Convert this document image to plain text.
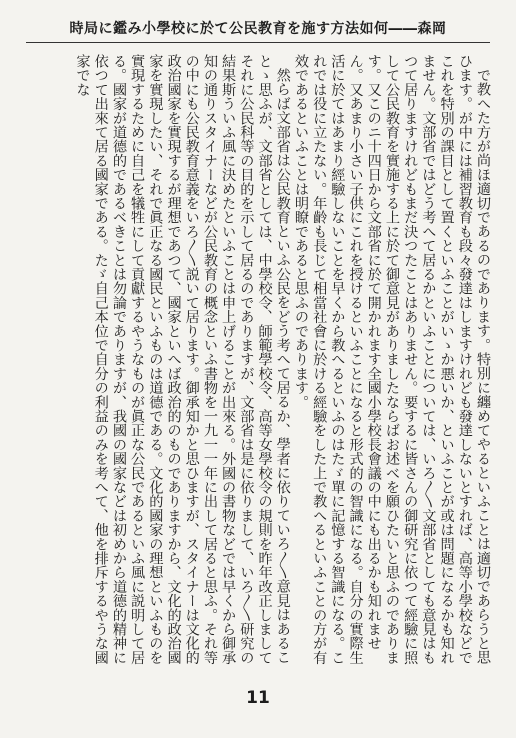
時局に鑑み小學校に於て公民教育を施す方法如何――森岡

で教へた方が尚ほ適切であるのであります。特別に纏めてやるといふことは適切であらうと思ひます。が中には補習教育も段々發達はしますけれども發達しないとすれば、高等小學校などでこれを特別の課目として置くといふことがいゝか悪いか、といふことが或は問題になるかも知れません。文部省ではどう考へて居るかといふことについては、いろ〳〵文部省としても意見はもつて居りますけれどもまだ決つたことはありません。要するに皆さんの御研究に依つて經驗に照して公民教育を實施する上に於て御意見がありましたならばお述べを願ひたいと思ふのであります。又このニ十四日から文部省に於て開かれます全國小學校長會議の中にも出るかも知れません。又あまり小さい子供にこれを授けるといふことになると形式的の智識になる。自分の實際生活に於てはあまり經驗しないことを早くから教へるといふのはたゞ單に記憶する智識になる。これでは役に立たない。年齡も長じて相當社會に於ける經驗をした上で教へるといふことの方が有效であるといふことは明瞭であると思ふのであります。

然らば文部省は公民教育といふ公民をどう考へて居るか、學者に依りていろ〳〵意見はあることゝ思ふが、文部省としては、中學校令、師範學校令、高等女學校令の規則を昨年改正しましてそれに公民科等の目的を示して居るのでありますが、文部省は是に依りまして、いろ〳〵研究の結果斯ういふ風に決めたといふことは申上げることが出來る。外國の書物などでは早くから御承知の通りスタイナーなどが公民教育の概念といふ書物を一九一一年に出して居ると思ふ。それ等の中にも公民教育意義をいろ〳〵説いて居ります。御承知かと思ひますが、スタイナーは文化的政治國家を實現するが理想であつて、國家といへば政治的のものでありますから、文化的政治國家を實現したい、それで眞正なる國民といふものは道德である。文化的國家の理想といふものを實現するために自己を犠牲にして貢獻するやうなものが眞正な公民であるといふ風に説明して居る。國家が道德的であるべきことは勿論でありますが、我國の國家などは初めから道德的精神に依つて出來て居る國家である。たゞ自己本位で自分の利益のみを考へて、他を排斥するやうな國家でな

11
